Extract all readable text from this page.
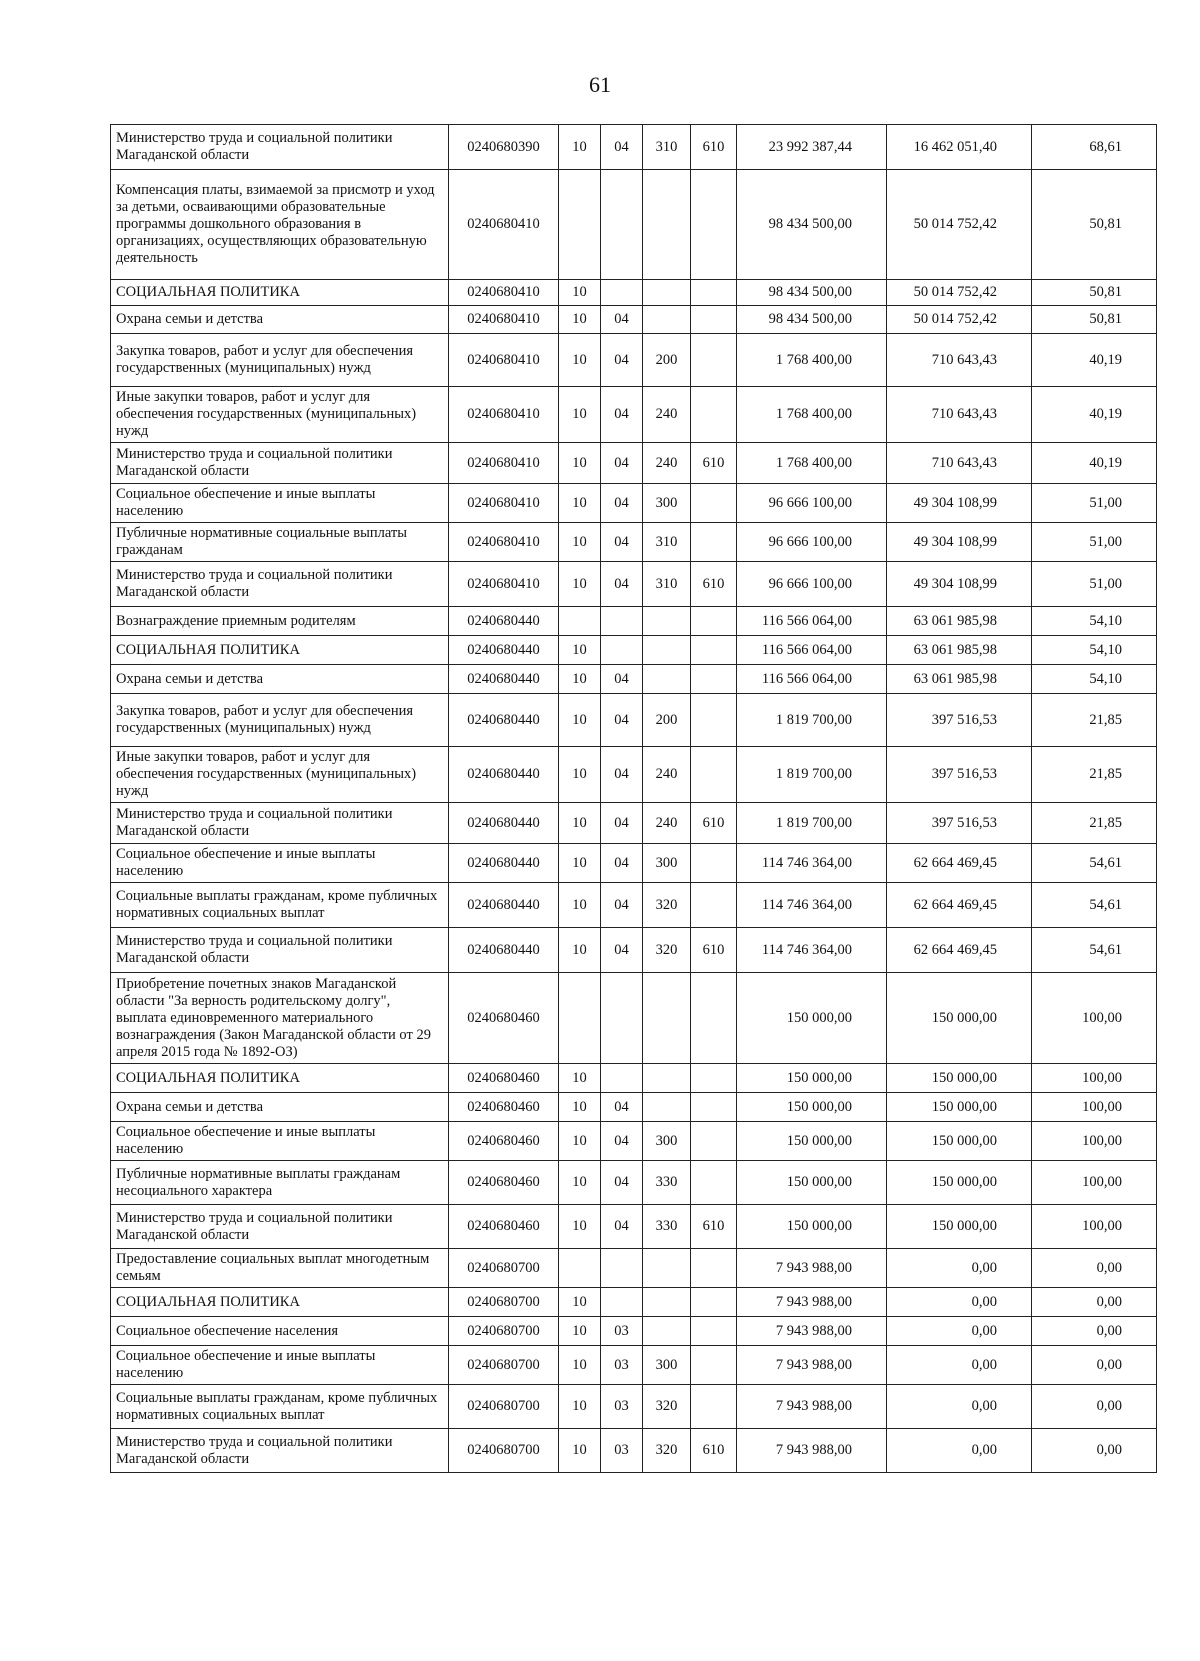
61
Министерство труда и социальной политики Магаданской области	0240680390	10	04	310	610	23 992 387,44	16 462 051,40	68,61
Компенсация платы, взимаемой за присмотр и уход за детьми, осваивающими образовательные программы дошкольного образования в организациях, осуществляющих образовательную деятельность	0240680410					98 434 500,00	50 014 752,42	50,81
СОЦИАЛЬНАЯ ПОЛИТИКА	0240680410	10				98 434 500,00	50 014 752,42	50,81
Охрана семьи и детства	0240680410	10	04			98 434 500,00	50 014 752,42	50,81
Закупка товаров, работ и услуг для обеспечения государственных (муниципальных) нужд	0240680410	10	04	200		1 768 400,00	710 643,43	40,19
Иные закупки товаров, работ и услуг для обеспечения государственных (муниципальных) нужд	0240680410	10	04	240		1 768 400,00	710 643,43	40,19
Министерство труда и социальной политики Магаданской области	0240680410	10	04	240	610	1 768 400,00	710 643,43	40,19
Социальное обеспечение и иные выплаты населению	0240680410	10	04	300		96 666 100,00	49 304 108,99	51,00
Публичные нормативные социальные выплаты гражданам	0240680410	10	04	310		96 666 100,00	49 304 108,99	51,00
Министерство труда и социальной политики Магаданской области	0240680410	10	04	310	610	96 666 100,00	49 304 108,99	51,00
Вознаграждение приемным родителям	0240680440					116 566 064,00	63 061 985,98	54,10
СОЦИАЛЬНАЯ ПОЛИТИКА	0240680440	10				116 566 064,00	63 061 985,98	54,10
Охрана семьи и детства	0240680440	10	04			116 566 064,00	63 061 985,98	54,10
Закупка товаров, работ и услуг для обеспечения государственных (муниципальных) нужд	0240680440	10	04	200		1 819 700,00	397 516,53	21,85
Иные закупки товаров, работ и услуг для обеспечения государственных (муниципальных) нужд	0240680440	10	04	240		1 819 700,00	397 516,53	21,85
Министерство труда и социальной политики Магаданской области	0240680440	10	04	240	610	1 819 700,00	397 516,53	21,85
Социальное обеспечение и иные выплаты населению	0240680440	10	04	300		114 746 364,00	62 664 469,45	54,61
Социальные выплаты гражданам, кроме публичных нормативных социальных выплат	0240680440	10	04	320		114 746 364,00	62 664 469,45	54,61
Министерство труда и социальной политики Магаданской области	0240680440	10	04	320	610	114 746 364,00	62 664 469,45	54,61
Приобретение почетных знаков Магаданской области "За верность родительскому долгу", выплата единовременного материального вознаграждения (Закон Магаданской области от 29 апреля 2015 года № 1892-ОЗ)	0240680460					150 000,00	150 000,00	100,00
СОЦИАЛЬНАЯ ПОЛИТИКА	0240680460	10				150 000,00	150 000,00	100,00
Охрана семьи и детства	0240680460	10	04			150 000,00	150 000,00	100,00
Социальное обеспечение и иные выплаты населению	0240680460	10	04	300		150 000,00	150 000,00	100,00
Публичные нормативные выплаты гражданам несоциального характера	0240680460	10	04	330		150 000,00	150 000,00	100,00
Министерство труда и социальной политики Магаданской области	0240680460	10	04	330	610	150 000,00	150 000,00	100,00
Предоставление социальных выплат многодетным семьям	0240680700					7 943 988,00	0,00	0,00
СОЦИАЛЬНАЯ ПОЛИТИКА	0240680700	10				7 943 988,00	0,00	0,00
Социальное обеспечение населения	0240680700	10	03			7 943 988,00	0,00	0,00
Социальное обеспечение и иные выплаты населению	0240680700	10	03	300		7 943 988,00	0,00	0,00
Социальные выплаты гражданам, кроме публичных нормативных социальных выплат	0240680700	10	03	320		7 943 988,00	0,00	0,00
Министерство труда и социальной политики Магаданской области	0240680700	10	03	320	610	7 943 988,00	0,00	0,00
